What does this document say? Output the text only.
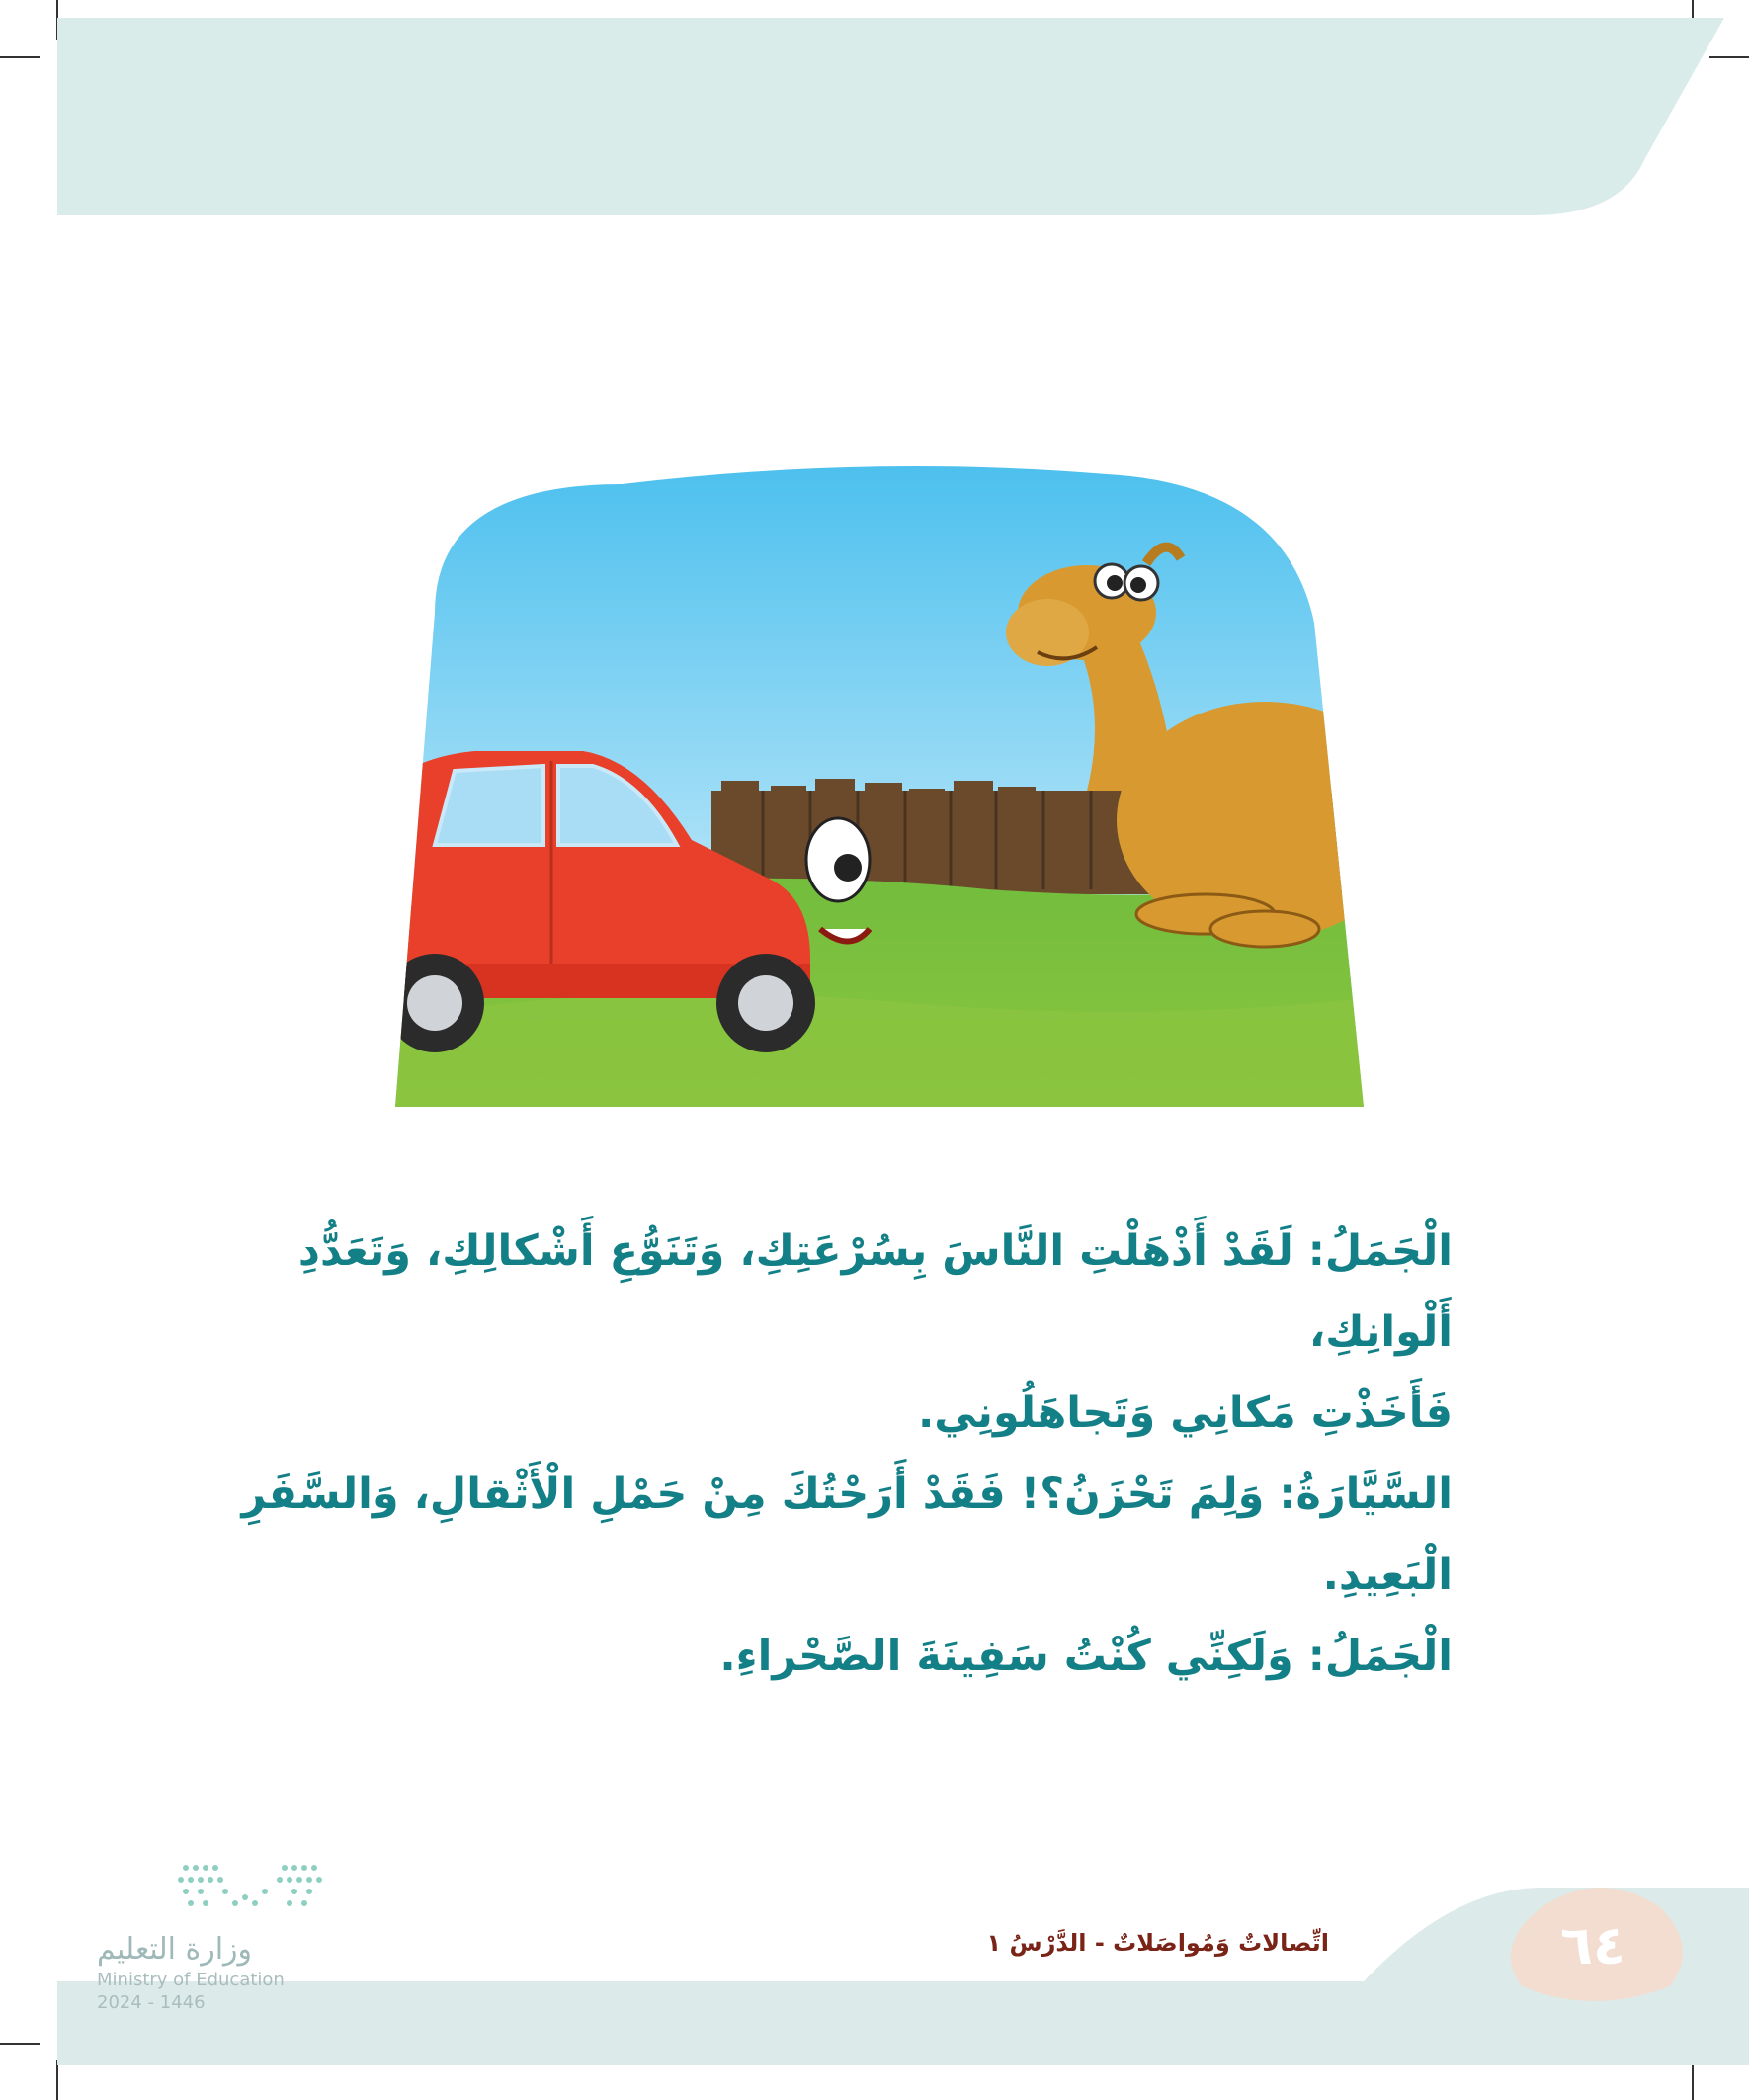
الْجَمَلُ: لَقَدْ أَذْهَلْتِ النَّاسَ بِسُرْعَتِكِ، وَتَنَوُّعِ أَشْكالِكِ، وَتَعَدُّدِ أَلْوانِكِ،

فَأَخَذْتِ مَكانِي وَتَجاهَلُونِي.

السَّيَّارَةُ: وَلِمَ تَحْزَنُ؟! فَقَدْ أَرَحْتُكَ مِنْ حَمْلِ الْأَثْقالِ، وَالسَّفَرِ الْبَعِيدِ.

الْجَمَلُ: وَلَكِنِّي كُنْتُ سَفِينَةَ الصَّحْراءِ.

اتِّصالاتٌ وَمُواصَلاتٌ - الدَّرْسُ ١	٦٤
وزارة التعليم
Ministry of Education
2024 - 1446
